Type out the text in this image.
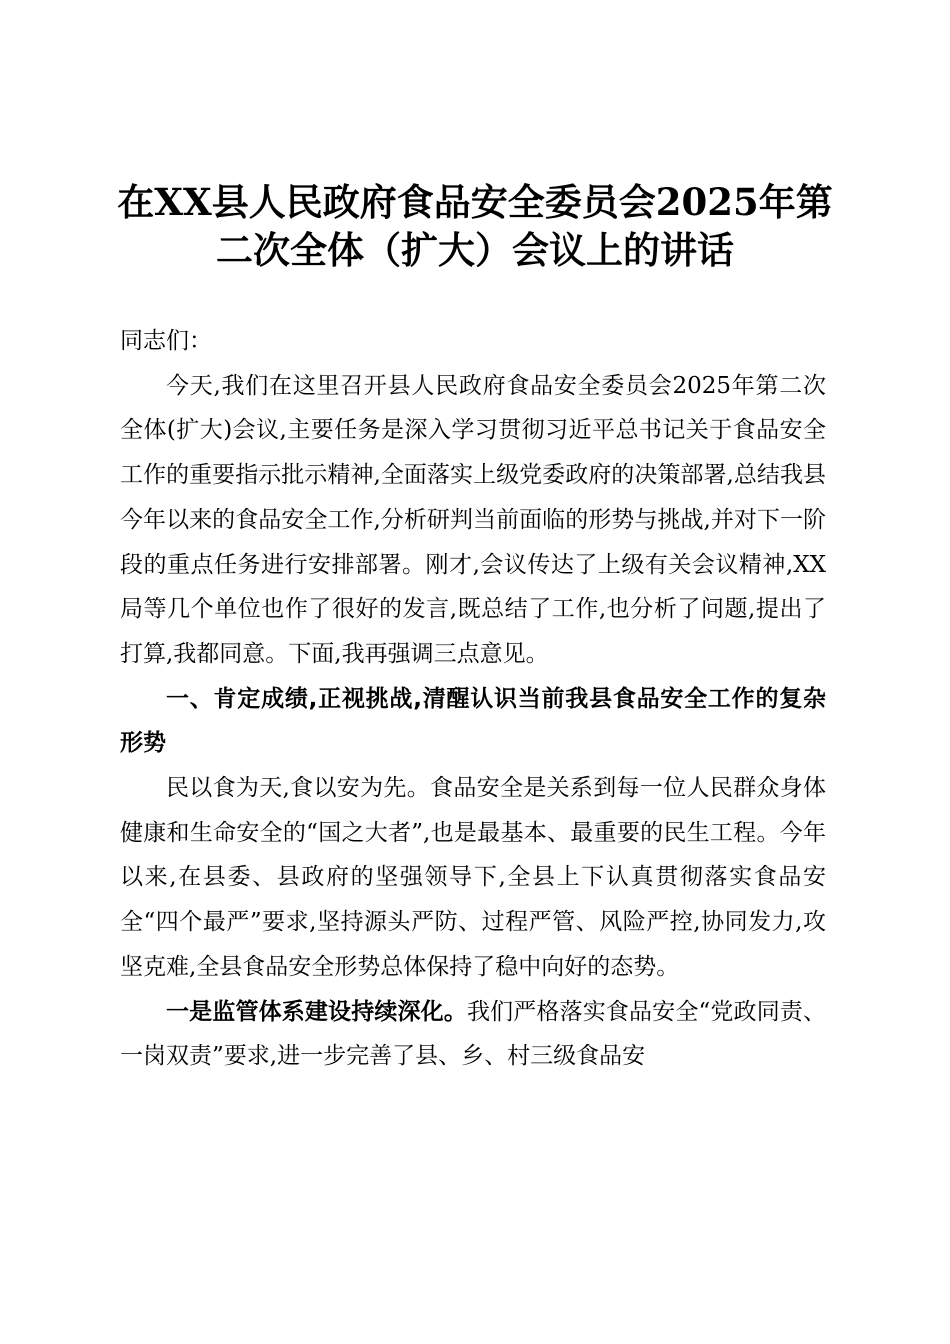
在XX县人民政府食品安全委员会2025年第
二次全体（扩大）会议上的讲话

同志们：

今天,我们在这里召开县人民政府食品安全委员会2025年第二次全体(扩大)会议,主要任务是深入学习贯彻习近平总书记关于食品安全工作的重要指示批示精神,全面落实上级党委政府的决策部署,总结我县今年以来的食品安全工作,分析研判当前面临的形势与挑战,并对下一阶段的重点任务进行安排部署。刚才,会议传达了上级有关会议精神,XX局等几个单位也作了很好的发言,既总结了工作,也分析了问题,提出了打算,我都同意。下面,我再强调三点意见。

一、肯定成绩,正视挑战,清醒认识当前我县食品安全工作的复杂形势

民以食为天,食以安为先。食品安全是关系到每一位人民群众身体健康和生命安全的“国之大者”,也是最基本、最重要的民生工程。今年以来,在县委、县政府的坚强领导下,全县上下认真贯彻落实食品安全“四个最严”要求,坚持源头严防、过程严管、风险严控,协同发力,攻坚克难,全县食品安全形势总体保持了稳中向好的态势。

一是监管体系建设持续深化。我们严格落实食品安全“党政同责、一岗双责”要求,进一步完善了县、乡、村三级食品安
